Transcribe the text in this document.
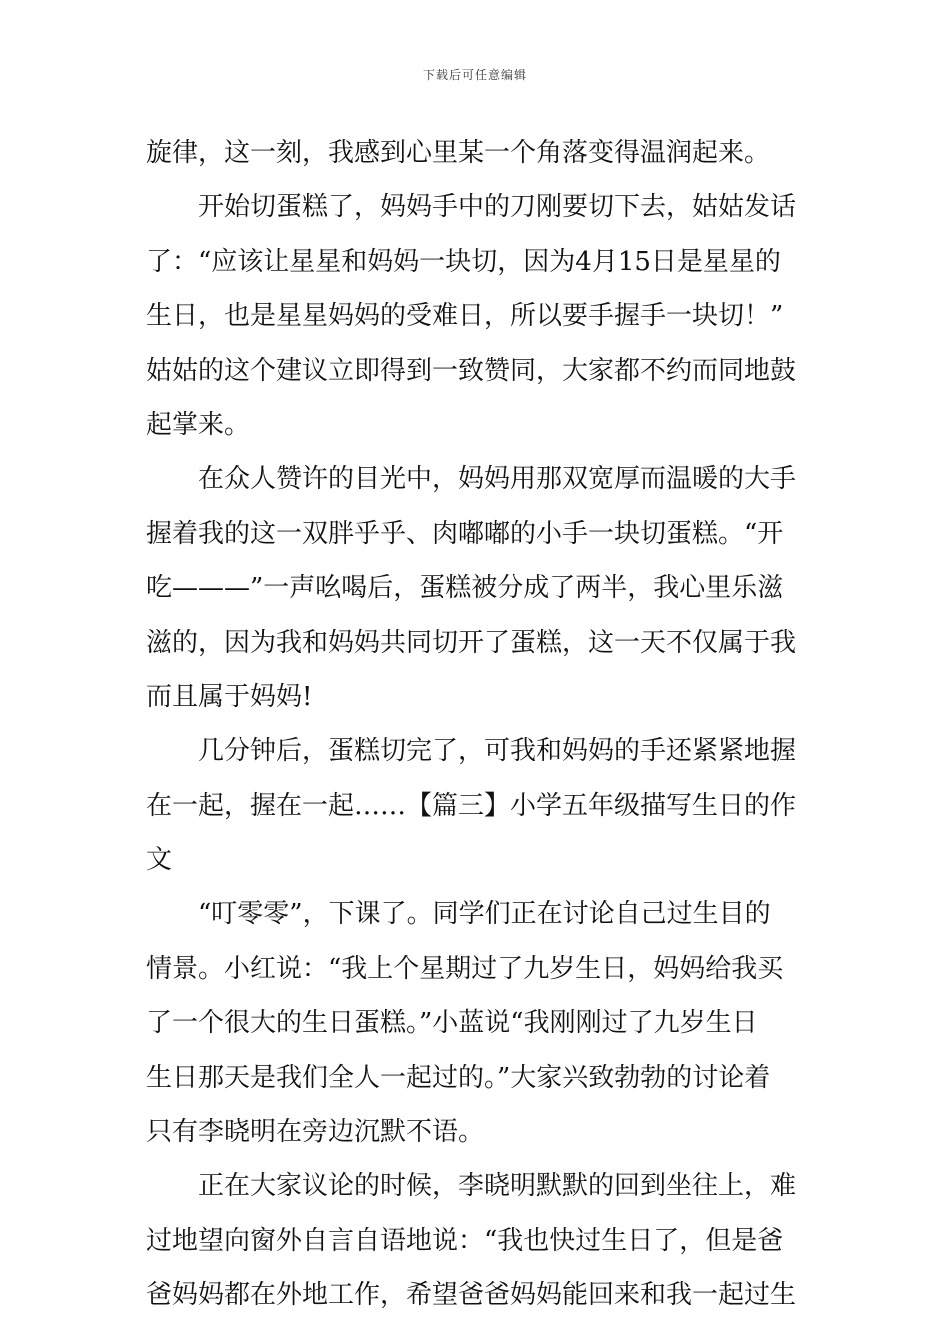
下载后可任意编辑
旋律，这一刻，我感到心里某一个角落变得温润起来。
　　开始切蛋糕了，妈妈手中的刀刚要切下去，姑姑发话
了：“应该让星星和妈妈一块切，因为4月15日是星星的
生日，也是星星妈妈的受难日，所以要手握手一块切！”
姑姑的这个建议立即得到一致赞同，大家都不约而同地鼓
起掌来。
　　在众人赞许的目光中，妈妈用那双宽厚而温暖的大手
握着我的这一双胖乎乎、肉嘟嘟的小手一块切蛋糕。“开
吃———”一声吆喝后，蛋糕被分成了两半，我心里乐滋
滋的，因为我和妈妈共同切开了蛋糕，这一天不仅属于我
而且属于妈妈!
　　几分钟后，蛋糕切完了，可我和妈妈的手还紧紧地握
在一起，握在一起……【篇三】小学五年级描写生日的作
文
　　“叮零零”，下课了。同学们正在讨论自己过生目的
情景。小红说：“我上个星期过了九岁生日，妈妈给我买
了一个很大的生日蛋糕。”小蓝说“我刚刚过了九岁生日
生日那天是我们全人一起过的。”大家兴致勃勃的讨论着
只有李晓明在旁边沉默不语。
　　正在大家议论的时候，李晓明默默的回到坐往上，难
过地望向窗外自言自语地说：“我也快过生日了，但是爸
爸妈妈都在外地工作，希望爸爸妈妈能回来和我一起过生
